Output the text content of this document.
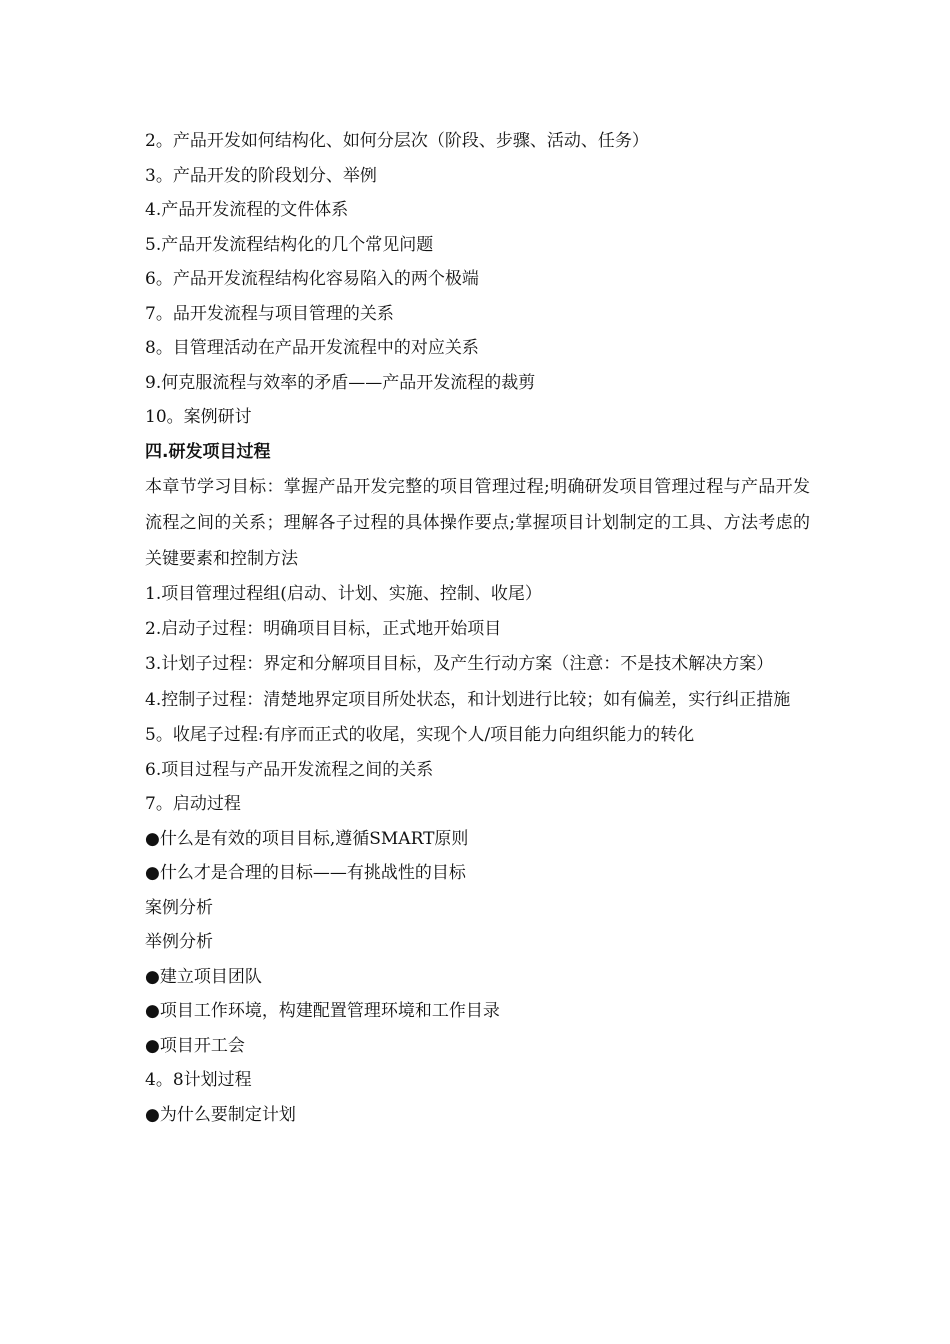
2。产品开发如何结构化、如何分层次（阶段、步骤、活动、任务）

3。产品开发的阶段划分、举例

4.产品开发流程的文件体系

5.产品开发流程结构化的几个常见问题

6。产品开发流程结构化容易陷入的两个极端

7。品开发流程与项目管理的关系

8。目管理活动在产品开发流程中的对应关系

9.何克服流程与效率的矛盾——产品开发流程的裁剪

10。案例研讨

四.研发项目过程

本章节学习目标：掌握产品开发完整的项目管理过程;明确研发项目管理过程与产品开发流程之间的关系；理解各子过程的具体操作要点;掌握项目计划制定的工具、方法考虑的关键要素和控制方法

1.项目管理过程组(启动、计划、实施、控制、收尾）

2.启动子过程：明确项目目标，正式地开始项目

3.计划子过程：界定和分解项目目标，及产生行动方案（注意：不是技术解决方案）

4.控制子过程：清楚地界定项目所处状态，和计划进行比较；如有偏差，实行纠正措施

5。收尾子过程:有序而正式的收尾，实现个人/项目能力向组织能力的转化

6.项目过程与产品开发流程之间的关系

7。启动过程

●什么是有效的项目目标,遵循SMART原则

●什么才是合理的目标——有挑战性的目标

案例分析

举例分析

●建立项目团队

●项目工作环境，构建配置管理环境和工作目录

●项目开工会

4。8计划过程

●为什么要制定计划
